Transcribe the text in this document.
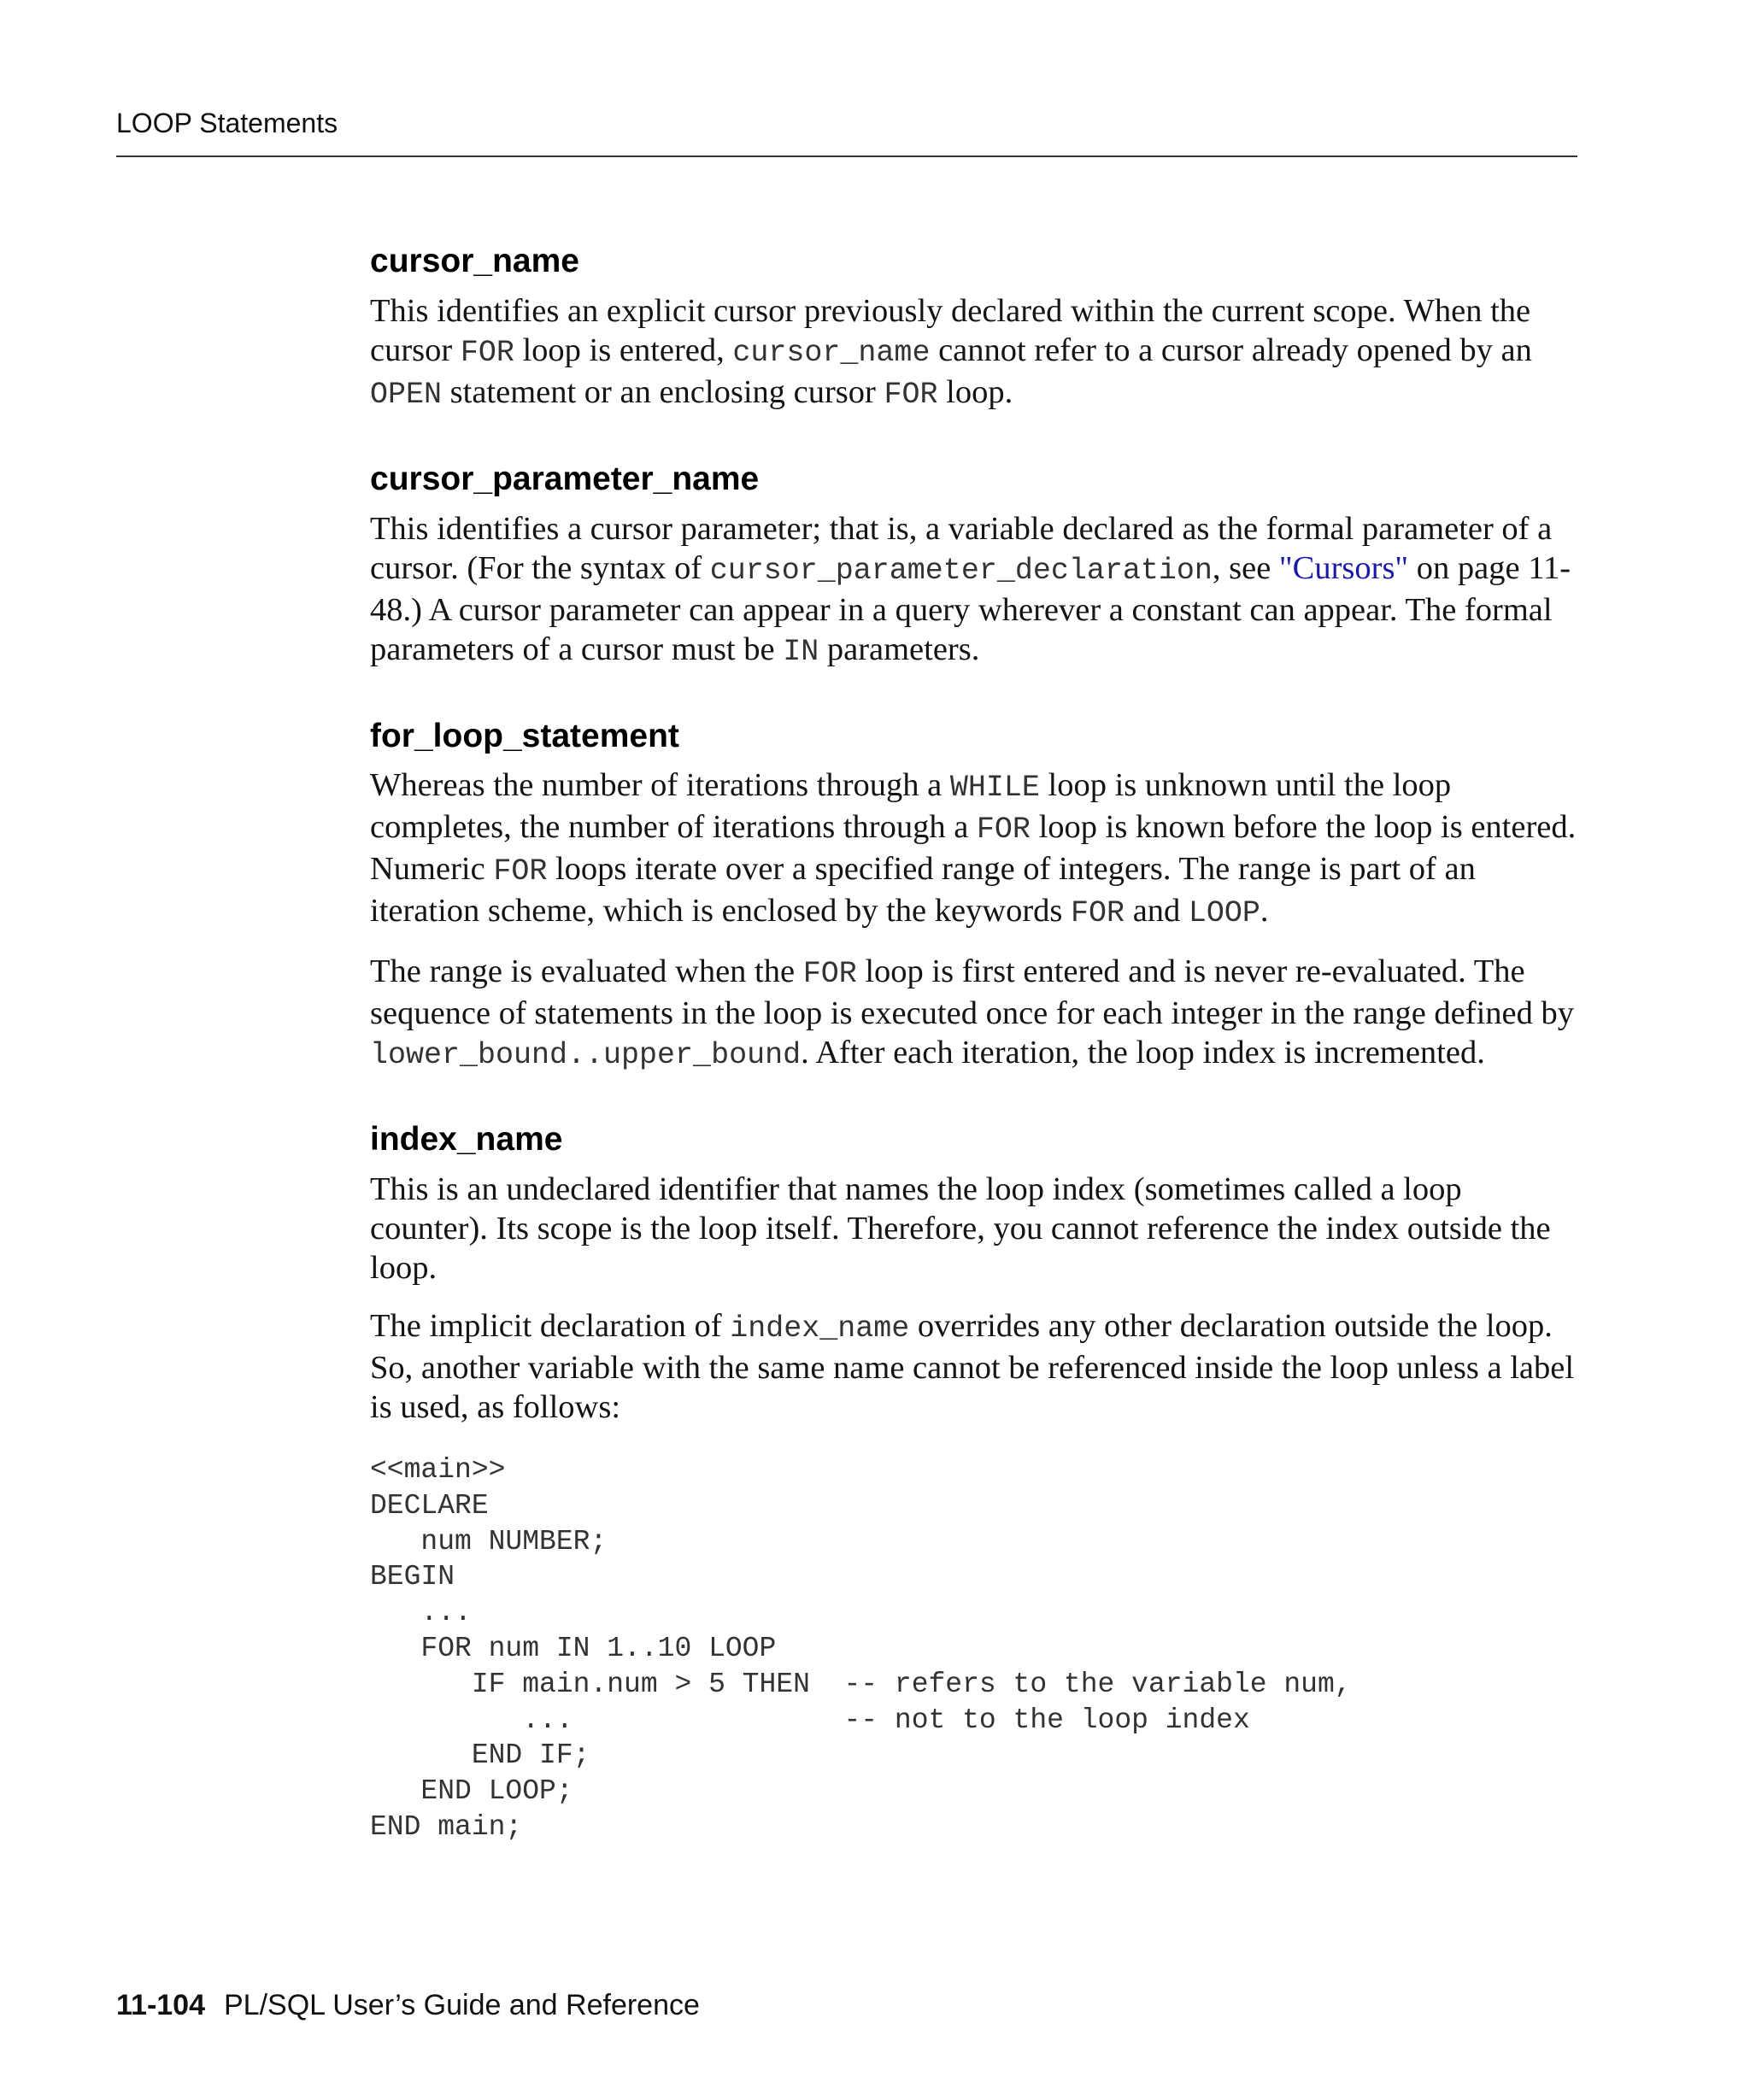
LOOP Statements
cursor_name

This identifies an explicit cursor previously declared within the current scope. When the cursor FOR loop is entered, cursor_name cannot refer to a cursor already opened by an OPEN statement or an enclosing cursor FOR loop.

cursor_parameter_name

This identifies a cursor parameter; that is, a variable declared as the formal parameter of a cursor. (For the syntax of cursor_parameter_declaration, see "Cursors" on page 11-48.) A cursor parameter can appear in a query wherever a constant can appear. The formal parameters of a cursor must be IN parameters.

for_loop_statement

Whereas the number of iterations through a WHILE loop is unknown until the loop completes, the number of iterations through a FOR loop is known before the loop is entered. Numeric FOR loops iterate over a specified range of integers. The range is part of an iteration scheme, which is enclosed by the keywords FOR and LOOP.

The range is evaluated when the FOR loop is first entered and is never re-evaluated. The sequence of statements in the loop is executed once for each integer in the range defined by lower_bound..upper_bound. After each iteration, the loop index is incremented.

index_name

This is an undeclared identifier that names the loop index (sometimes called a loop counter). Its scope is the loop itself. Therefore, you cannot reference the index outside the loop.

The implicit declaration of index_name overrides any other declaration outside the loop. So, another variable with the same name cannot be referenced inside the loop unless a label is used, as follows:

<<main>>
DECLARE
num NUMBER;
BEGIN
...
FOR num IN 1..10 LOOP
IF main.num > 5 THEN  -- refers to the variable num,
...                -- not to the loop index
END IF;
END LOOP;
END main;
11-104 PL/SQL User’s Guide and Reference
